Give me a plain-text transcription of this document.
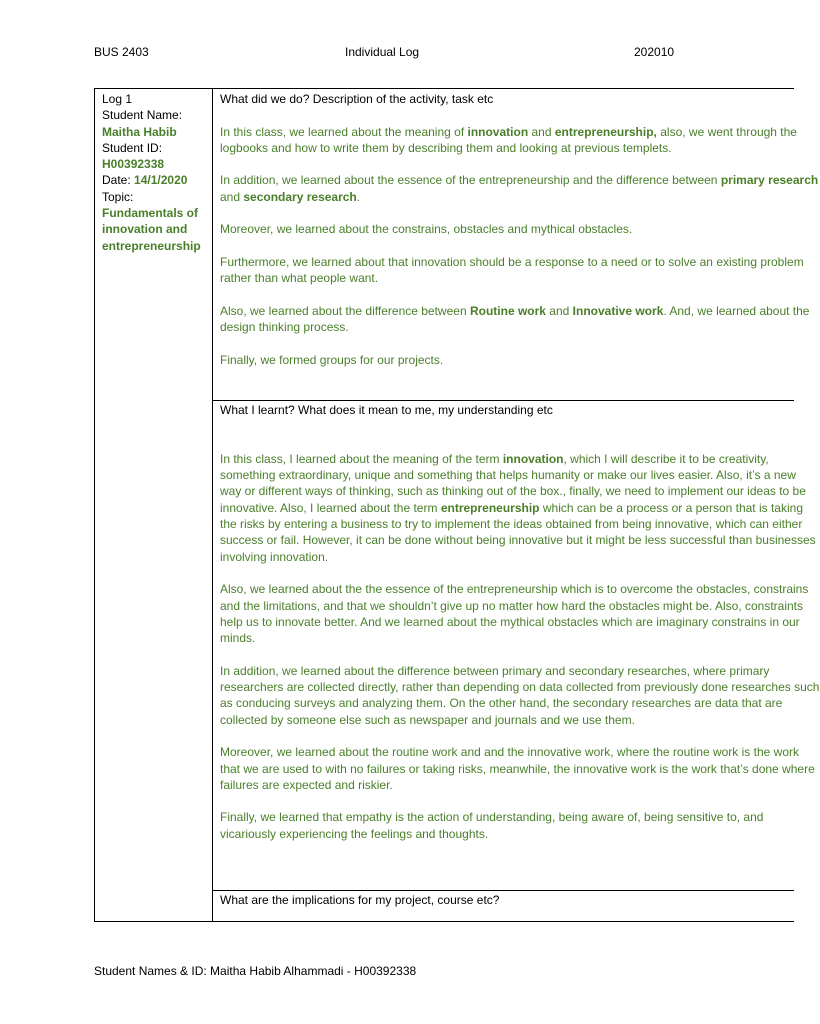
BUS 2403	Individual Log	202010
Log 1
Student Name:
Maitha Habib
Student ID:
H00392338
Date: 14/1/2020
Topic:
Fundamentals of
innovation and
entrepreneurship
What did we do? Description of the activity, task etc

In this class, we learned about the meaning of innovation and entrepreneurship, also, we went through the logbooks and how to write them by describing them and looking at previous templets.

In addition, we learned about the essence of the entrepreneurship and the difference between primary research and secondary research.

Moreover, we learned about the constrains, obstacles and mythical obstacles.

Furthermore, we learned about that innovation should be a response to a need or to solve an existing problem rather than what people want.

Also, we learned about the difference between Routine work and Innovative work. And, we learned about the design thinking process.

Finally, we formed groups for our projects.

What I learnt? What does it mean to me, my understanding etc

In this class, I learned about the meaning of the term innovation, which I will describe it to be creativity, something extraordinary, unique and something that helps humanity or make our lives easier. Also, it’s a new way or different ways of thinking, such as thinking out of the box., finally, we need to implement our ideas to be innovative. Also, I learned about the term entrepreneurship which can be a process or a person that is taking the risks by entering a business to try to implement the ideas obtained from being innovative, which can either success or fail. However, it can be done without being innovative but it might be less successful than businesses involving innovation.

Also, we learned about the the essence of the entrepreneurship which is to overcome the obstacles, constrains and the limitations, and that we shouldn’t give up no matter how hard the obstacles might be. Also, constraints help us to innovate better. And we learned about the mythical obstacles which are imaginary constrains in our minds.

In addition, we learned about the difference between primary and secondary researches, where primary researchers are collected directly, rather than depending on data collected from previously done researches such as conducing surveys and analyzing them. On the other hand, the secondary researches are data that are collected by someone else such as newspaper and journals and we use them.

Moreover, we learned about the routine work and and the innovative work, where the routine work is the work that we are used to with no failures or taking risks, meanwhile, the innovative work is the work that’s done where failures are expected and riskier.

Finally, we learned that empathy is the action of understanding, being aware of, being sensitive to, and vicariously experiencing the feelings and thoughts.

What are the implications for my project, course etc?
Student Names & ID: Maitha Habib Alhammadi - H00392338
